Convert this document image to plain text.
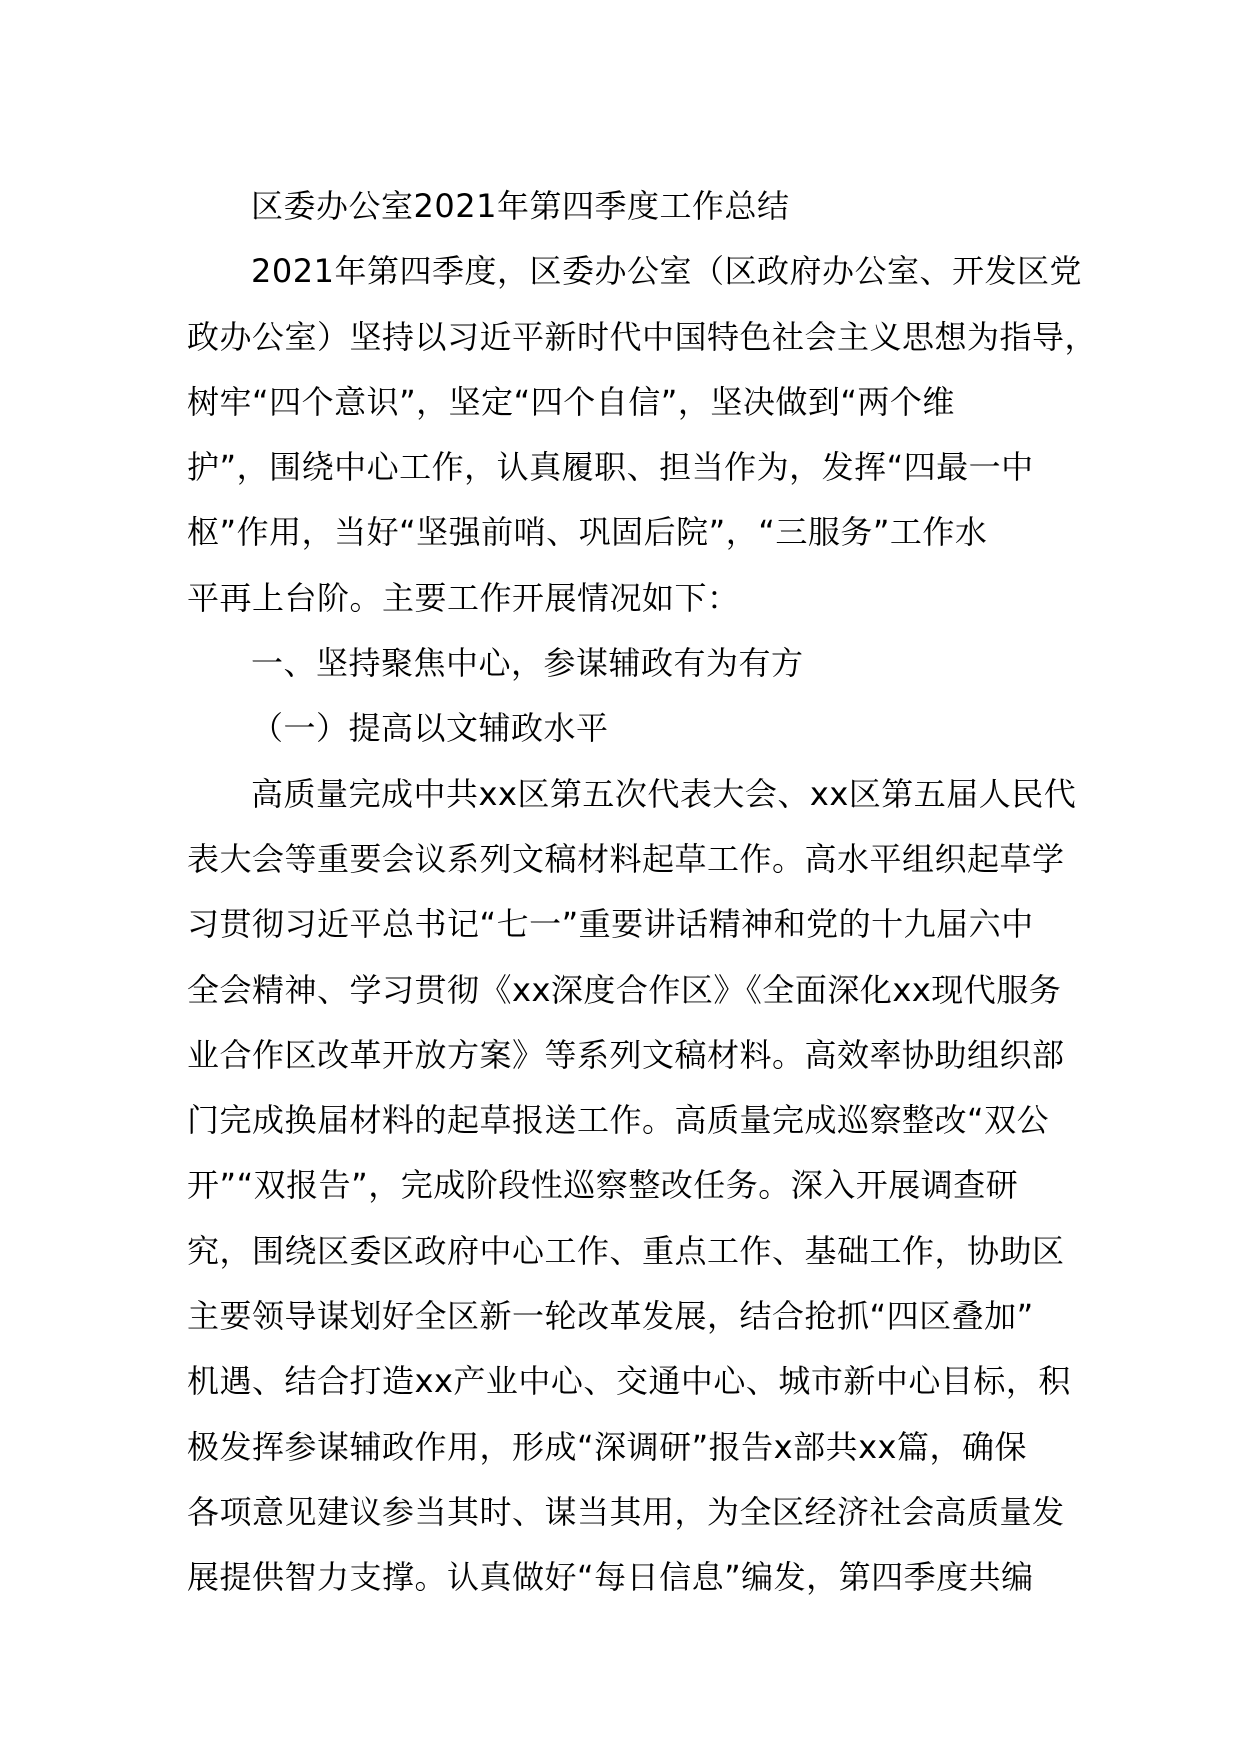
区委办公室2021年第四季度工作总结
2021年第四季度，区委办公室（区政府办公室、开发区党
政办公室）坚持以习近平新时代中国特色社会主义思想为指导，
树牢“四个意识”，坚定“四个自信”，坚决做到“两个维
护”，围绕中心工作，认真履职、担当作为，发挥“四最一中
枢”作用，当好“坚强前哨、巩固后院”，“三服务”工作水
平再上台阶。主要工作开展情况如下：
一、坚持聚焦中心，参谋辅政有为有方
（一）提高以文辅政水平
高质量完成中共xx区第五次代表大会、xx区第五届人民代
表大会等重要会议系列文稿材料起草工作。高水平组织起草学
习贯彻习近平总书记“七一”重要讲话精神和党的十九届六中
全会精神、学习贯彻《xx深度合作区》《全面深化xx现代服务
业合作区改革开放方案》等系列文稿材料。高效率协助组织部
门完成换届材料的起草报送工作。高质量完成巡察整改“双公
开”“双报告”，完成阶段性巡察整改任务。深入开展调查研
究，围绕区委区政府中心工作、重点工作、基础工作，协助区
主要领导谋划好全区新一轮改革发展，结合抢抓“四区叠加”
机遇、结合打造xx产业中心、交通中心、城市新中心目标，积
极发挥参谋辅政作用，形成“深调研”报告x部共xx篇，确保
各项意见建议参当其时、谋当其用，为全区经济社会高质量发
展提供智力支撑。认真做好“每日信息”编发，第四季度共编
